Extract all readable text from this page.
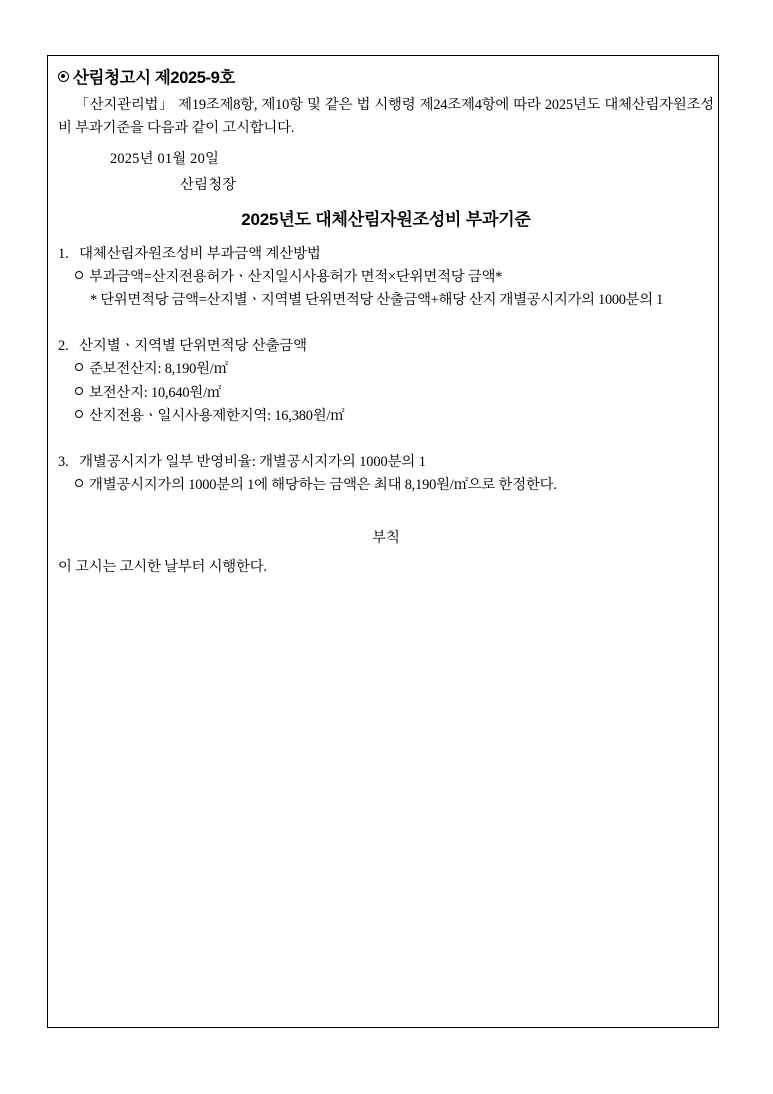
산림청고시 제2025-9호

「산지관리법」 제19조제8항, 제10항 및 같은 법 시행령 제24조제4항에 따라 2025년도 대체산림자원조성비 부과기준을 다음과 같이 고시합니다.

2025년 01월 20일
산림청장
2025년도 대체산림자원조성비 부과기준
1. 대체산림자원조성비 부과금액 계산방법
부과금액=산지전용허가ㆍ산지일시사용허가 면적×단위면적당 금액*
* 단위면적당 금액=산지별ㆍ지역별 단위면적당 산출금액+해당 산지 개별공시지가의 1000분의 1
2. 산지별ㆍ지역별 단위면적당 산출금액
준보전산지: 8,190원/㎡
보전산지: 10,640원/㎡
산지전용ㆍ일시사용제한지역: 16,380원/㎡
3. 개별공시지가 일부 반영비율: 개별공시지가의 1000분의 1
개별공시지가의 1000분의 1에 해당하는 금액은 최대 8,190원/㎡으로 한정한다.
부칙
이 고시는 고시한 날부터 시행한다.
